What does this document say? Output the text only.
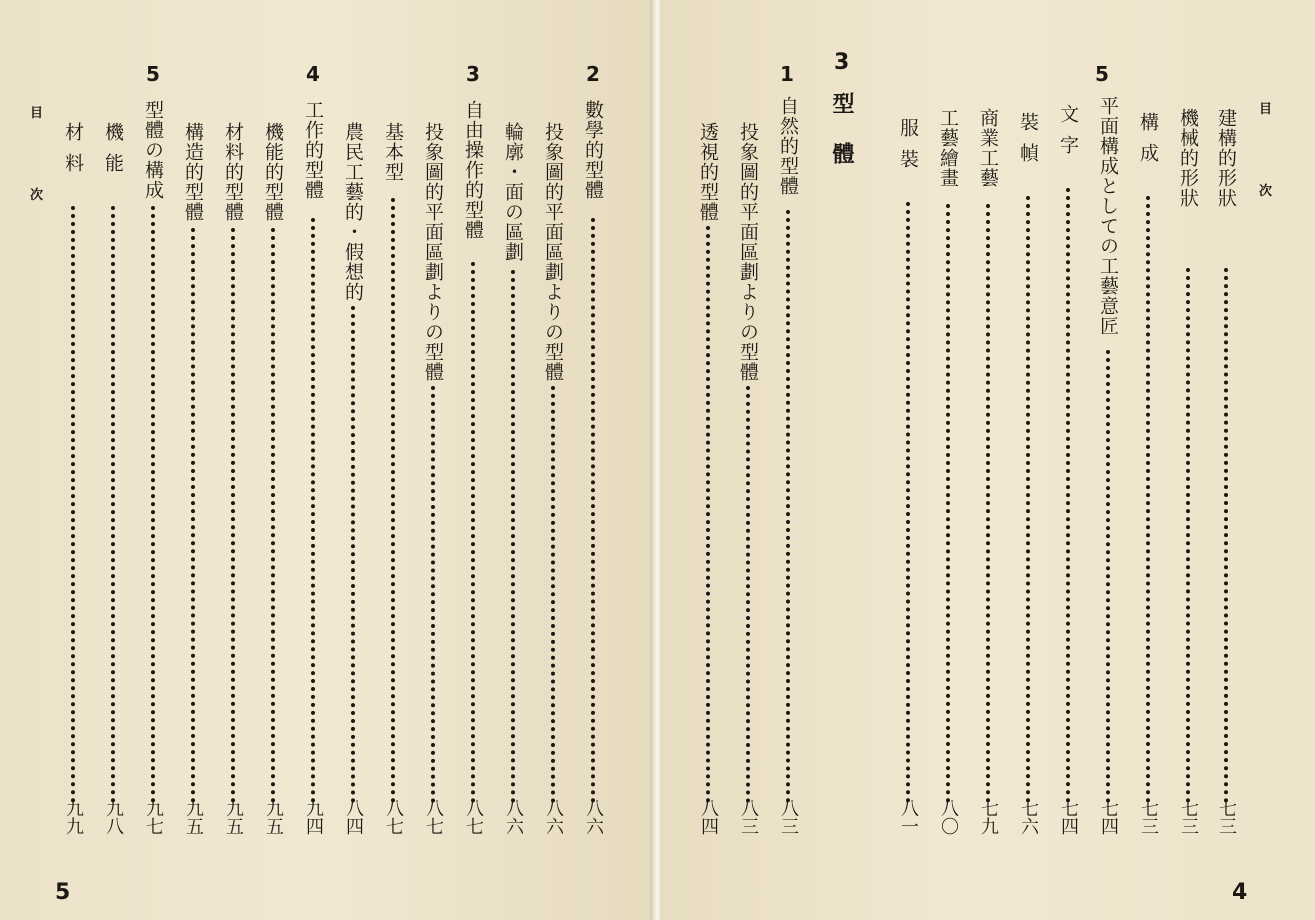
目
次
5
2
3
4
5
數學的型體
八六
投象圖的平面區劃よりの型體
八六
輪廓・面の區劃
八六
自由操作的型體
八七
投象圖的平面區劃よりの型體
八七
基本型
八七
農民工藝的・假想的
八四
工作的型體
九四
機能的型體
九五
材料的型體
九五
構造的型體
九五
型體の構成
九七
機能
九八
材料
九九
目
次
4
3
型體
5
1
建構的形狀
七三
機械的形狀
七三
構成
七三
平面構成としての工藝意匠
七四
文字
七四
裝幀
七六
商業工藝
七九
工藝繪畫
八〇
服裝
八一
自然的型體
八三
投象圖的平面區劃よりの型體
八三
透視的型體
八四
